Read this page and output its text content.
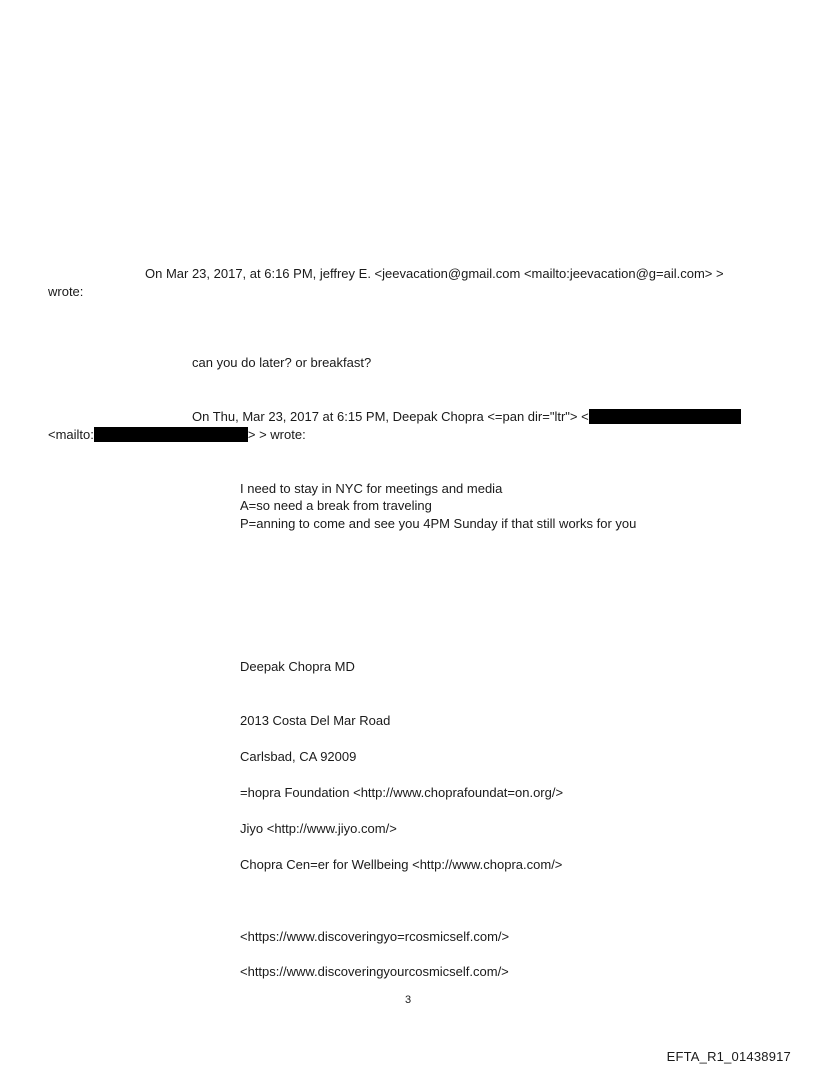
On Mar 23, 2017, at 6:16 PM, jeffrey E. <jeevacation@gmail.com <mailto:jeevacation@g=ail.com> >
wrote:
can you do later? or breakfast?
On Thu, Mar 23, 2017 at 6:15 PM, Deepak Chopra <=pan dir="ltr"> <
<mailto:	> > wrote:
I need to stay in NYC for meetings and media
A=so need a break from traveling
P=anning to come and see you 4PM Sunday if that still works for you
Deepak Chopra MD
2013 Costa Del Mar Road
Carlsbad, CA 92009
=hopra Foundation <http://www.choprafoundat=on.org/>
Jiyo <http://www.jiyo.com/>
Chopra Cen=er for Wellbeing <http://www.chopra.com/>
<https://www.discoveringyo=rcosmicself.com/>
<https://www.discoveringyourcosmicself.com/>
3
EFTA_R1_01438917
